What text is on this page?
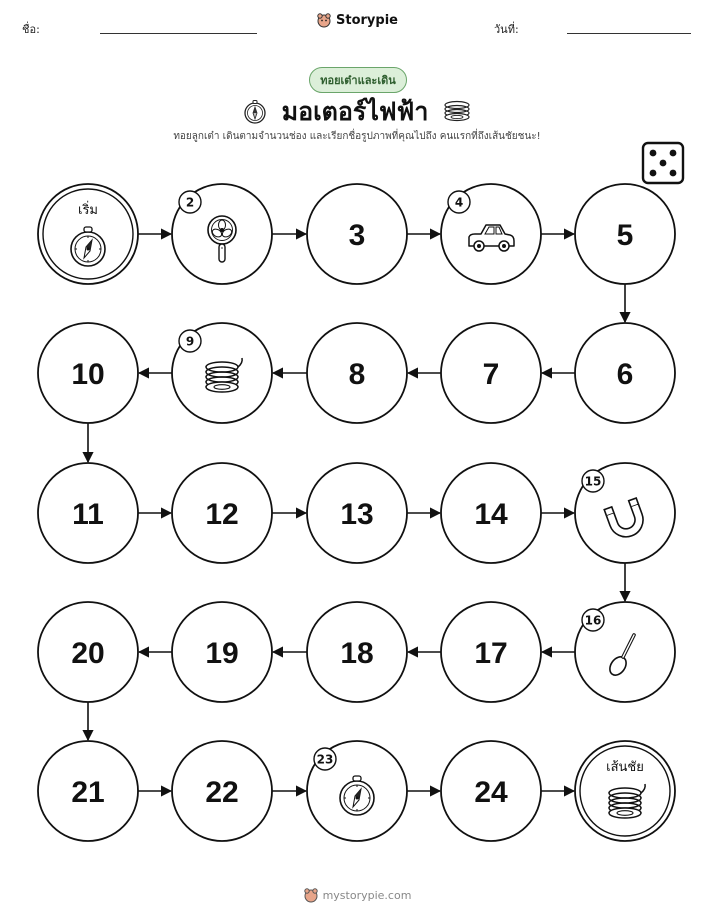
ชื่อ:
Storypie
วันที่:
ทอยเต๋าและเดิน
มอเตอร์ไฟฟ้า
ทอยลูกเต๋า เดินตามจำนวนช่อง และเรียกชื่อรูปภาพที่คุณไปถึง คนแรกที่ถึงเส้นชัยชนะ!
เริ่ม
2
3
4
5
6
7
8
9
10
11	12	13	14
15
16
17
18
19
20
21	22
23
24
เส้นชัย
mystorypie.com
